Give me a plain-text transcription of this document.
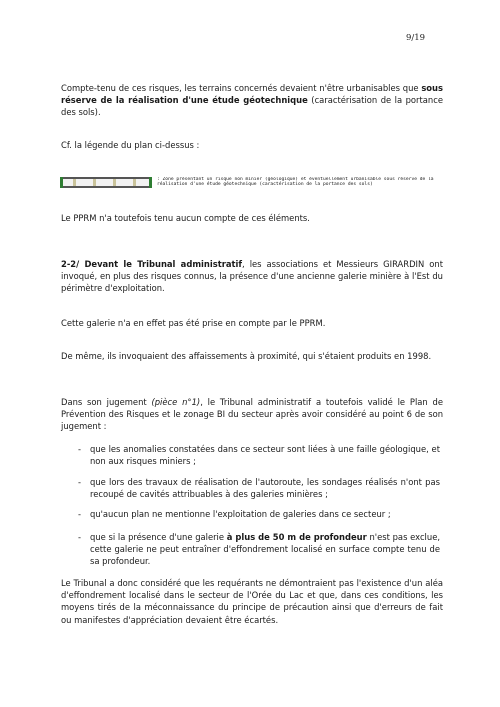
9/19

Compte-tenu de ces risques, les terrains concernés devaient n'être urbanisables que sous réserve de la réalisation d'une étude géotechnique (caractérisation de la portance des sols).

Cf. la légende du plan ci-dessus :

: Zone présentant un risque non minier (géologique) et éventuellement urbanisable sous réserve de la réalisation d'une étude géotechnique (caractérisation de la portance des sols)

Le PPRM n'a toutefois tenu aucun compte de ces éléments.

2-2/ Devant le Tribunal administratif, les associations et Messieurs GIRARDIN ont invoqué, en plus des risques connus, la présence d'une ancienne galerie minière à l'Est du périmètre d'exploitation.

Cette galerie n'a en effet pas été prise en compte par le PPRM.

De même, ils invoquaient des affaissements à proximité, qui s'étaient produits en 1998.

Dans son jugement (pièce n°1), le Tribunal administratif a toutefois validé le Plan de Prévention des Risques et le zonage BI du secteur après avoir considéré au point 6 de son jugement :

- que les anomalies constatées dans ce secteur sont liées à une faille géologique, et non aux risques miniers ;
- que lors des travaux de réalisation de l'autoroute, les sondages réalisés n'ont pas recoupé de cavités attribuables à des galeries minières ;
- qu'aucun plan ne mentionne l'exploitation de galeries dans ce secteur ;
- que si la présence d'une galerie à plus de 50 m de profondeur n'est pas exclue, cette galerie ne peut entraîner d'effondrement localisé en surface compte tenu de sa profondeur.

Le Tribunal a donc considéré que les requérants ne démontraient pas l'existence d'un aléa d'effondrement localisé dans le secteur de l'Orée du Lac et que, dans ces conditions, les moyens tirés de la méconnaissance du principe de précaution ainsi que d'erreurs de fait ou manifestes d'appréciation devaient être écartés.
